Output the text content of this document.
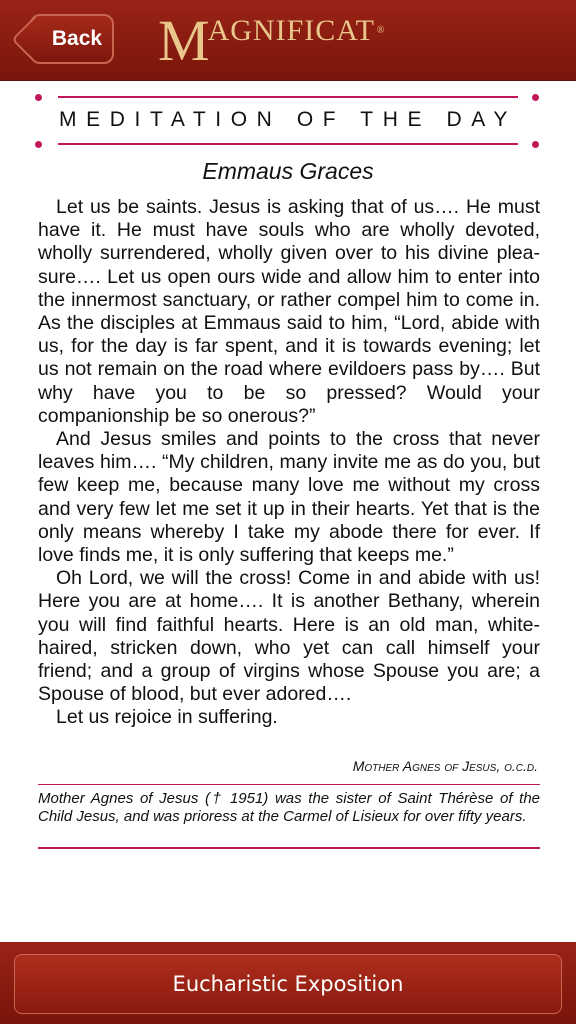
Back MAGNIFICAT ®
MEDITATION OF THE DAY
Emmaus Graces

Let us be saints. Jesus is asking that of us…. He must have it. He must have souls who are wholly devoted, wholly surrendered, wholly given over to his divine pleasure…. Let us open ours wide and allow him to enter into the innermost sanctuary, or rather compel him to come in. As the disciples at Emmaus said to him, “Lord, abide with us, for the day is far spent, and it is towards evening; let us not remain on the road where evildoers pass by…. But why have you to be so pressed? Would your companionship be so onerous?”

And Jesus smiles and points to the cross that never leaves him…. “My children, many invite me as do you, but few keep me, because many love me without my cross and very few let me set it up in their hearts. Yet that is the only means whereby I take my abode there for ever. If love finds me, it is only suffering that keeps me.”

Oh Lord, we will the cross! Come in and abide with us! Here you are at home…. It is another Bethany, wherein you will find faithful hearts. Here is an old man, white-haired, stricken down, who yet can call himself your friend; and a group of virgins whose Spouse you are; a Spouse of blood, but ever adored….

Let us rejoice in suffering.

Mother Agnes of Jesus, o.c.d.
Mother Agnes of Jesus († 1951) was the sister of Saint Thérèse of the Child Jesus, and was prioress at the Carmel of Lisieux for over fifty years.
Eucharistic Exposition
